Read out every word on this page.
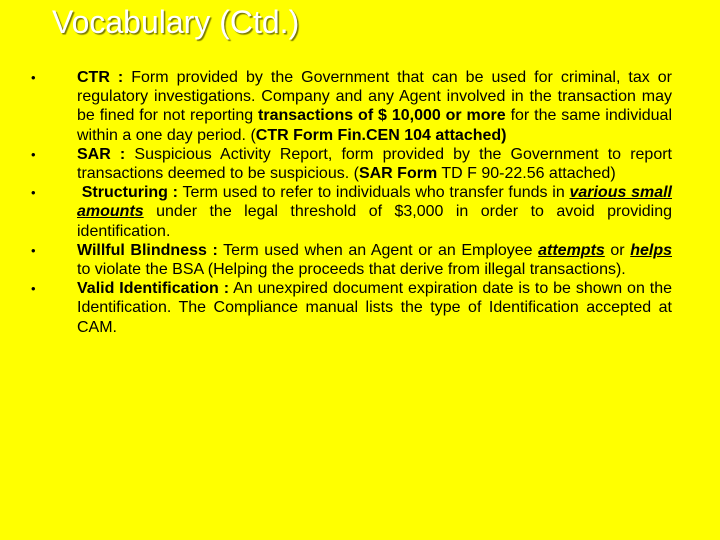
Vocabulary (Ctd.)
•	CTR : Form provided by the Government that can be used for criminal, tax or regulatory investigations. Company and any Agent involved in the transaction may be fined for not reporting transactions of $ 10,000 or more for the same individual within a one day period. (CTR Form Fin.CEN 104 attached)
•	SAR : Suspicious Activity Report, form provided by the Government to report transactions deemed to be suspicious. (SAR Form TD F 90-22.56 attached)
•	Structuring : Term used to refer to individuals who transfer funds in various small amounts under the legal threshold of $3,000 in order to avoid providing identification.
•	Willful Blindness : Term used when an Agent or an Employee attempts or helps to violate the BSA (Helping the proceeds that derive from illegal transactions).
•	Valid Identification : An unexpired document expiration date is to be shown on the Identification. The Compliance manual lists the type of Identification accepted at CAM.
